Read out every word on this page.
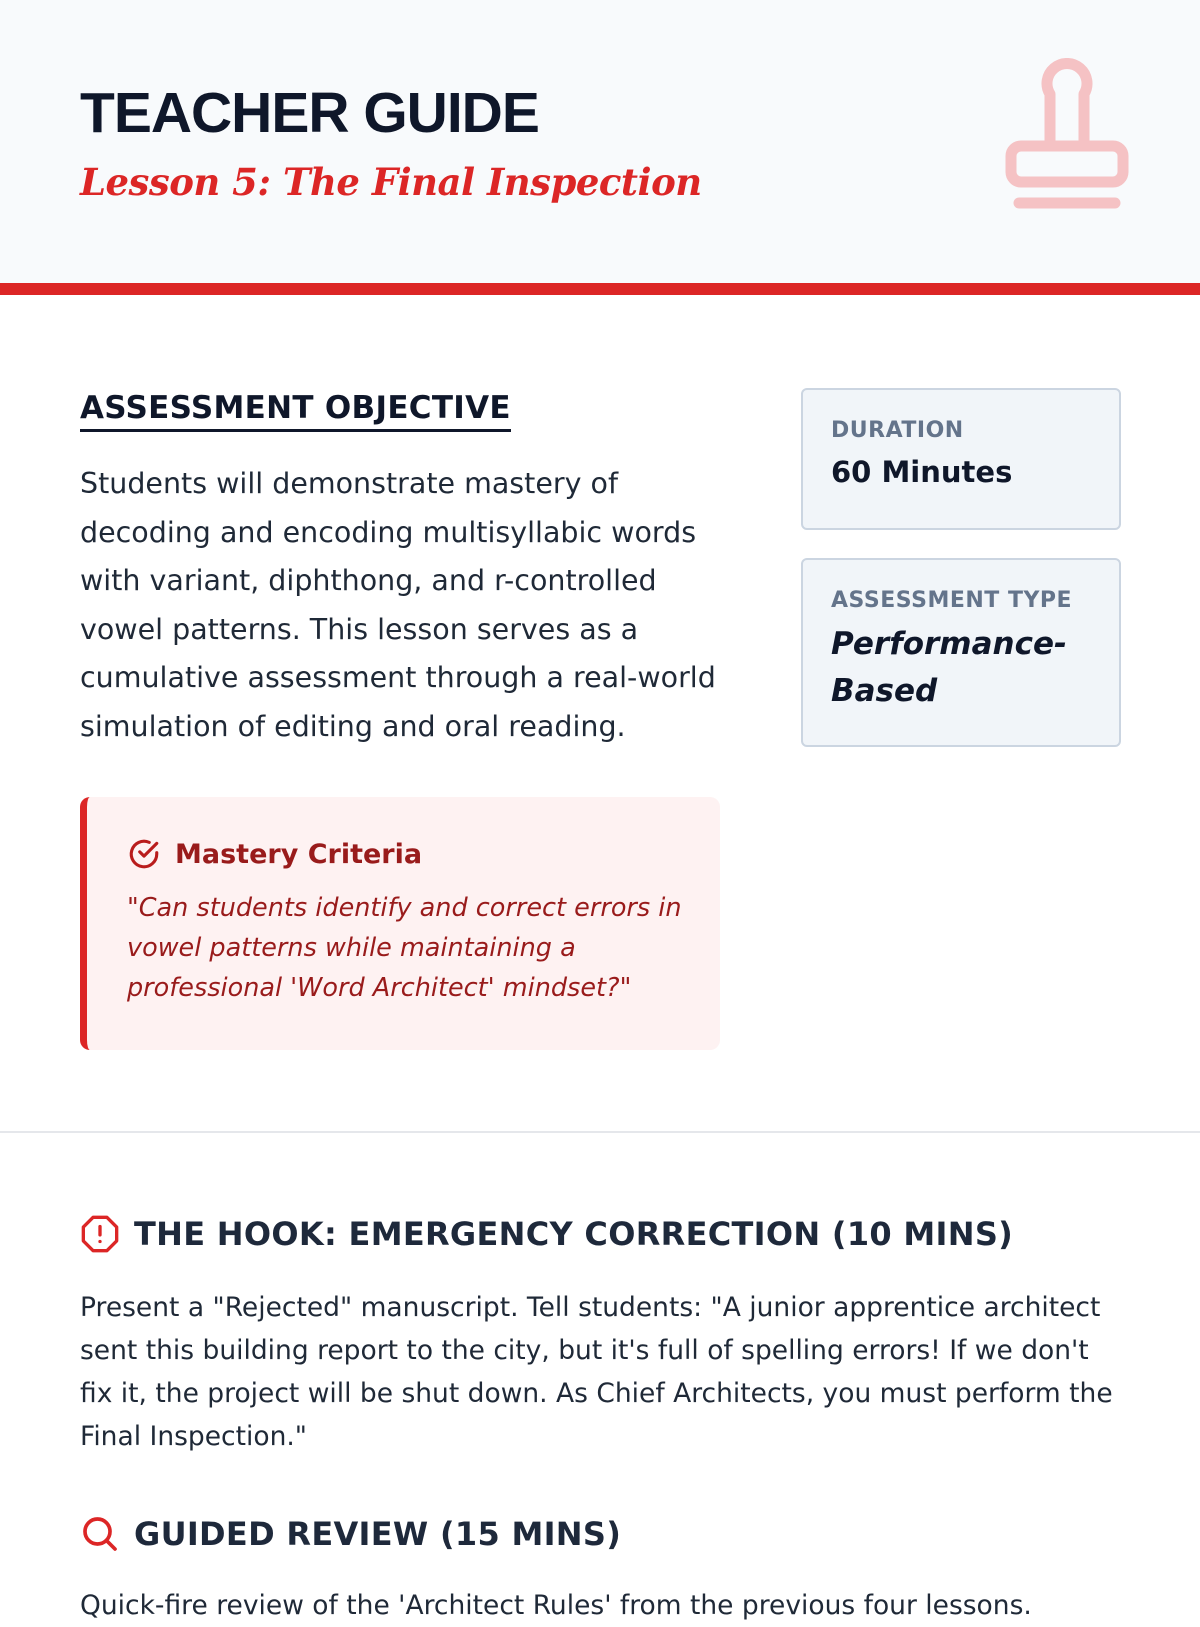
TEACHER GUIDE
Lesson 5: The Final Inspection
ASSESSMENT OBJECTIVE

Students will demonstrate mastery of decoding and encoding multisyllabic words with variant, diphthong, and r-controlled vowel patterns. This lesson serves as a cumulative assessment through a real-world simulation of editing and oral reading.

Mastery Criteria

"Can students identify and correct errors in vowel patterns while maintaining a professional 'Word Architect' mindset?"

DURATION
60 Minutes
ASSESSMENT TYPE
Performance-Based
THE HOOK: EMERGENCY CORRECTION (10 MINS)

Present a "Rejected" manuscript. Tell students: "A junior apprentice architect sent this building report to the city, but it's full of spelling errors! If we don't fix it, the project will be shut down. As Chief Architects, you must perform the Final Inspection."

GUIDED REVIEW (15 MINS)

Quick-fire review of the 'Architect Rules' from the previous four lessons.
